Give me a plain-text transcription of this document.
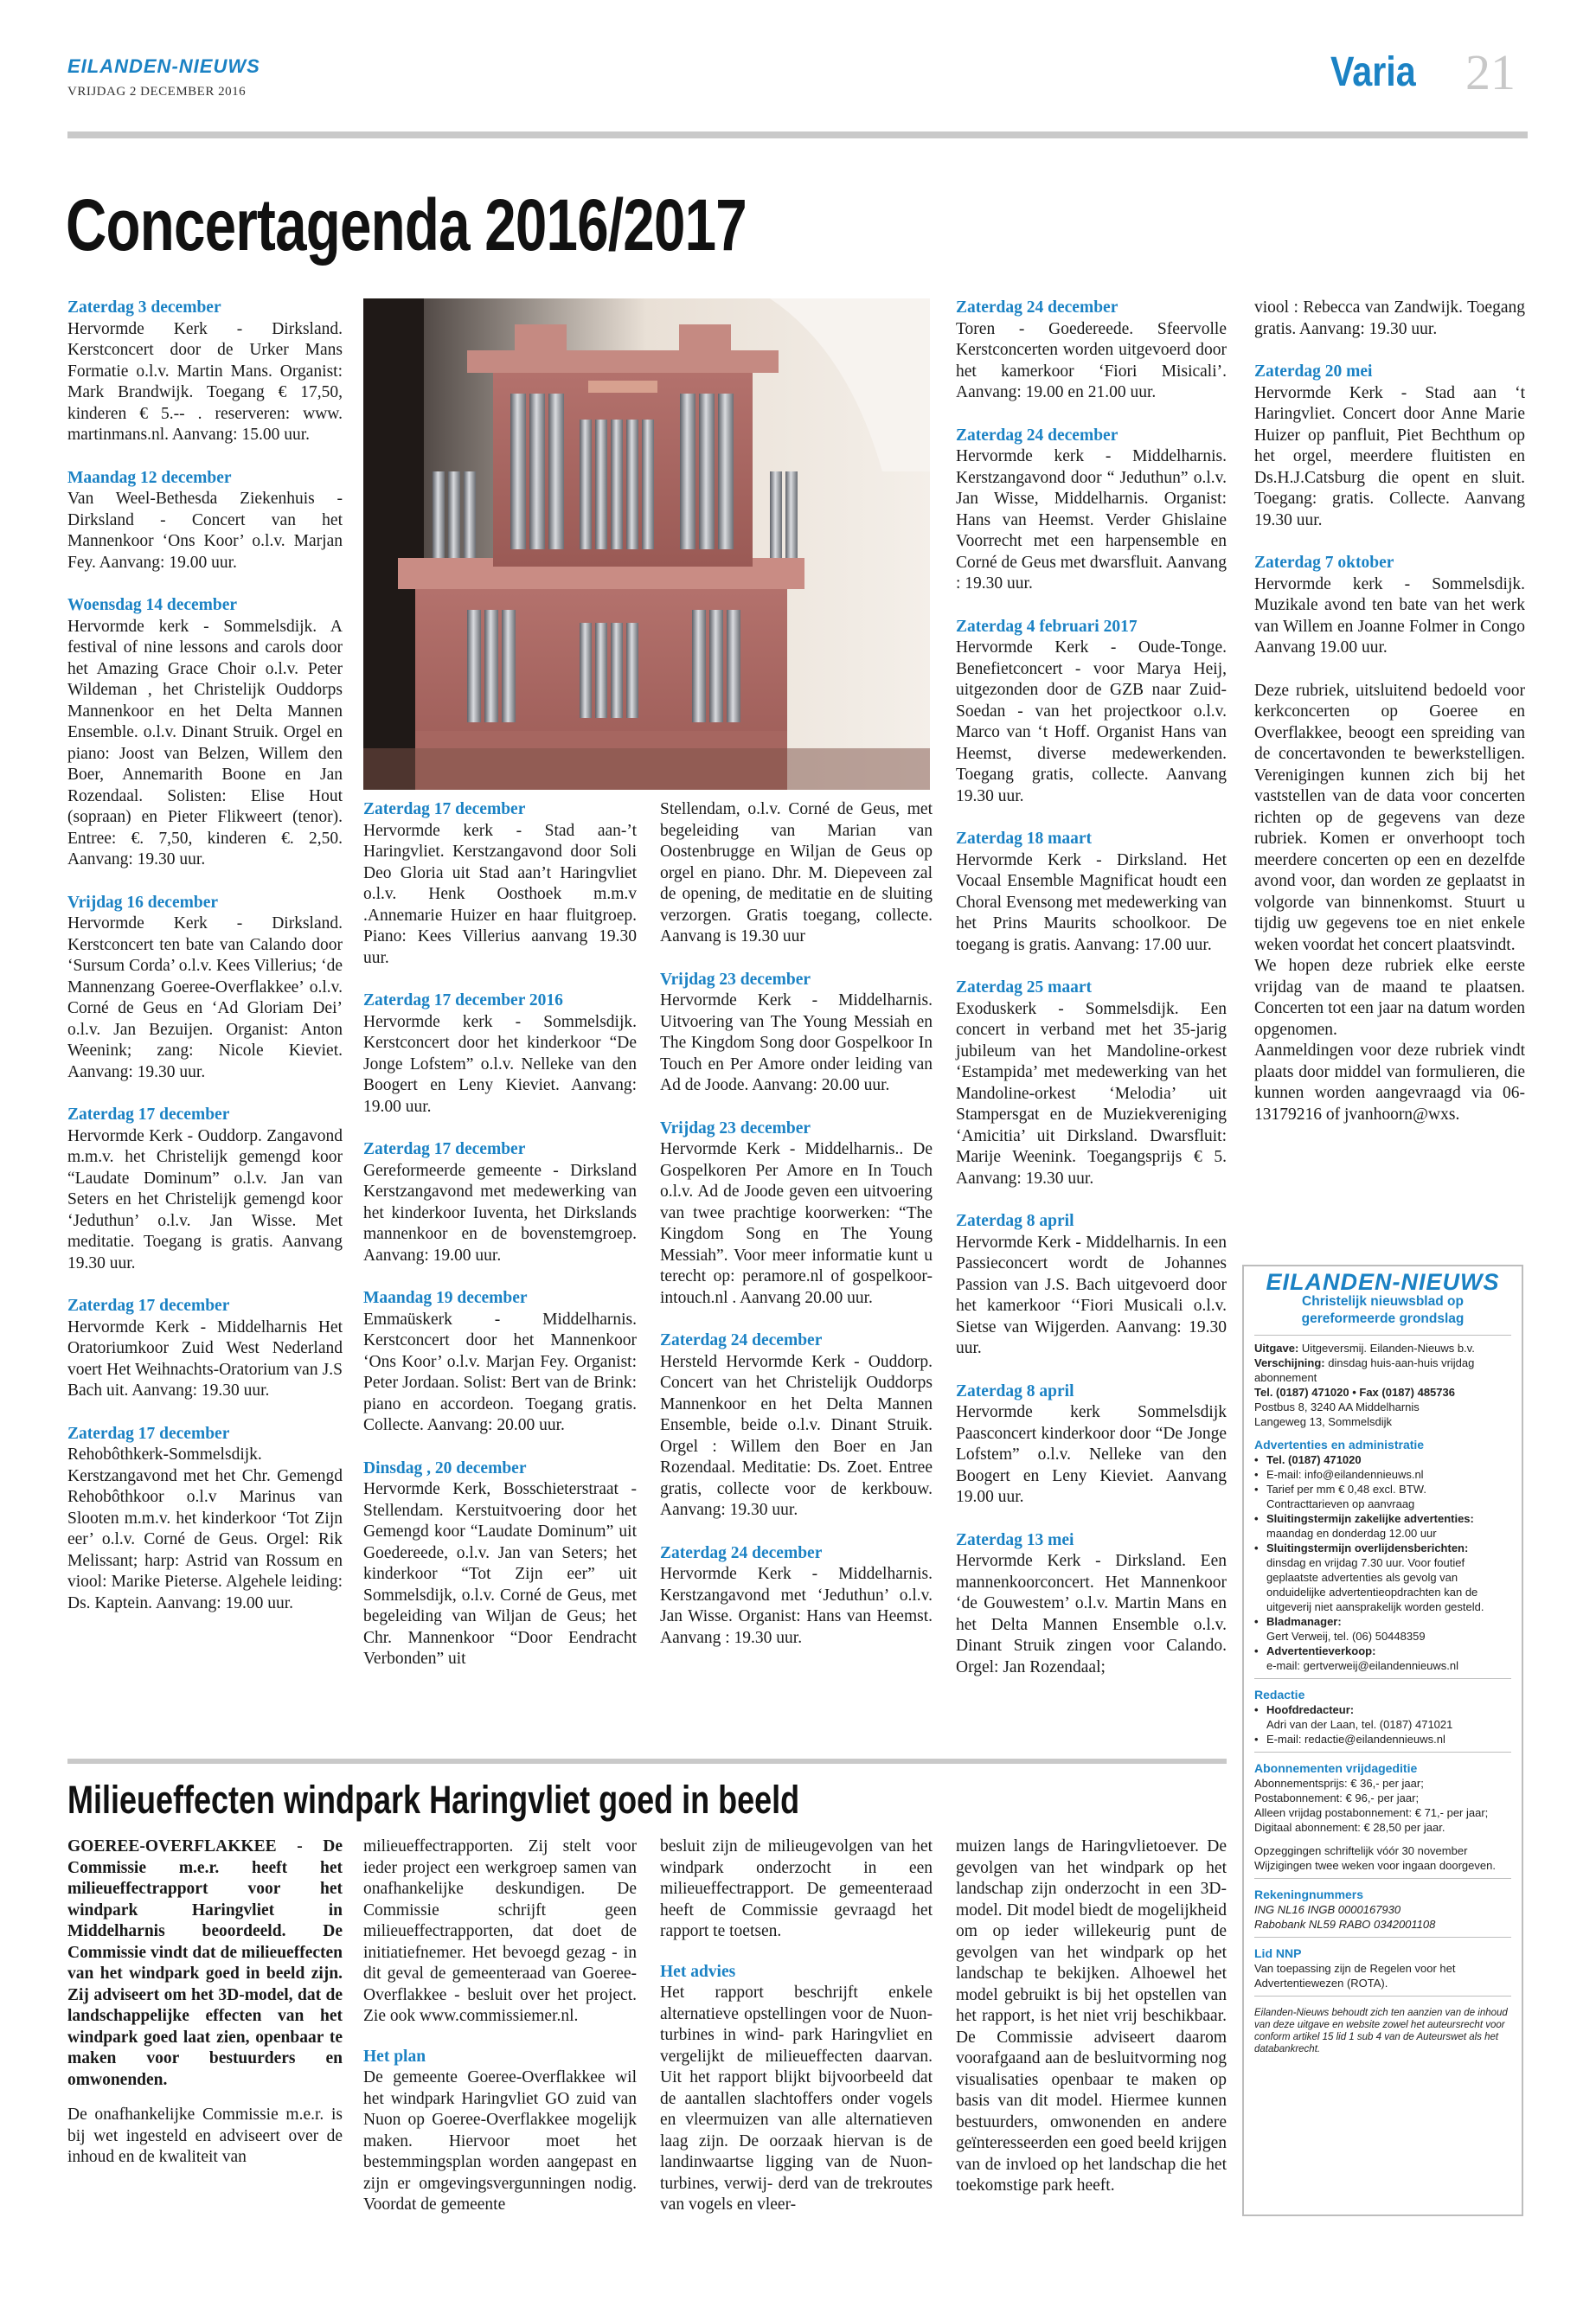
EILANDEN-NIEUWS
VRIJDAG 2 DECEMBER 2016	Varia 21
Concertagenda 2016/2017
Zaterdag 3 december
Hervormde Kerk - Dirksland. Kerstconcert door de Urker Mans Formatie o.l.v. Martin Mans. Organist: Mark Brandwijk. Toegang € 17,50, kinderen € 5.-- . reserveren: www. martinmans.nl. Aanvang: 15.00 uur.
Maandag 12 december
Van Weel-Bethesda Ziekenhuis - Dirksland - Concert van het Mannenkoor ‘Ons Koor’ o.l.v. Marjan Fey. Aanvang: 19.00 uur.
Woensdag 14 december
Hervormde kerk - Sommelsdijk. A festival of nine lessons and carols door het Amazing Grace Choir o.l.v. Peter Wildeman , het Christelijk Ouddorps Mannenkoor en het Delta Mannen Ensemble. o.l.v. Dinant Struik. Orgel en piano: Joost van Belzen, Willem den Boer, Annemarith Boone en Jan Rozendaal. Solisten: Elise Hout (sopraan) en Pieter Flikweert (tenor). Entree: €. 7,50, kinderen €. 2,50. Aanvang: 19.30 uur.
Vrijdag 16 december
Hervormde Kerk - Dirksland. Kerstconcert ten bate van Calando door ‘Sursum Corda’ o.l.v. Kees Villerius; ‘de Mannenzang Goeree-Overflakkee’ o.l.v. Corné de Geus en ‘Ad Gloriam Dei’ o.l.v. Jan Bezuijen. Organist: Anton Weenink; zang: Nicole Kieviet. Aanvang: 19.30 uur.
Zaterdag 17 december
Hervormde Kerk - Ouddorp. Zangavond m.m.v. het Christelijk gemengd koor “Laudate Dominum” o.l.v. Jan van Seters en het Christelijk gemengd koor ‘Jeduthun’ o.l.v. Jan Wisse. Met meditatie. Toegang is gratis. Aanvang 19.30 uur.
Zaterdag 17 december
Hervormde Kerk - Middelharnis Het Oratoriumkoor Zuid West Nederland voert Het Weihnachts-Oratorium van J.S Bach uit. Aanvang: 19.30 uur.
Zaterdag 17 december
Rehobôthkerk-Sommelsdijk. Kerstzangavond met het Chr. Gemengd Rehobôthkoor o.l.v Marinus van Slooten m.m.v. het kinderkoor ‘Tot Zijn eer’ o.l.v. Corné de Geus. Orgel: Rik Melissant; harp: Astrid van Rossum en viool: Marike Pieterse. Algehele leiding: Ds. Kaptein. Aanvang: 19.00 uur.
Zaterdag 17 december
Hervormde kerk - Stad aan-’t Haringvliet. Kerstzangavond door Soli Deo Gloria uit Stad aan’t Haringvliet o.l.v. Henk Oosthoek m.m.v .Annemarie Huizer en haar fluitgroep. Piano: Kees Villerius aanvang 19.30 uur.
Zaterdag 17 december 2016
Hervormde kerk - Sommelsdijk. Kerstconcert door het kinderkoor “De Jonge Lofstem” o.l.v. Nelleke van den Boogert en Leny Kieviet. Aanvang: 19.00 uur.
Zaterdag 17 december
Gereformeerde gemeente - Dirksland Kerstzangavond met medewerking van het kinderkoor Iuventa, het Dirkslands mannenkoor en de bovenstemgroep. Aanvang: 19.00 uur.
Maandag 19 december
Emmaüskerk - Middelharnis. Kerstconcert door het Mannenkoor ‘Ons Koor’ o.l.v. Marjan Fey. Organist: Peter Jordaan. Solist: Bert van de Brink: piano en accordeon. Toegang gratis. Collecte. Aanvang: 20.00 uur.
Dinsdag , 20 december
Hervormde Kerk, Bosschieterstraat - Stellendam. Kerstuitvoering door het Gemengd koor “Laudate Dominum” uit Goedereede, o.l.v. Jan van Seters; het kinderkoor “Tot Zijn eer” uit Sommelsdijk, o.l.v. Corné de Geus, met begeleiding van Wiljan de Geus; het Chr. Mannenkoor “Door Eendracht Verbonden” uit
Stellendam, o.l.v. Corné de Geus, met begeleiding van Marian van Oostenbrugge en Wiljan de Geus op orgel en piano. Dhr. M. Diepeveen zal de opening, de meditatie en de sluiting verzorgen. Gratis toegang, collecte. Aanvang is 19.30 uur
Vrijdag 23 december
Hervormde Kerk - Middelharnis. Uitvoering van The Young Messiah en The Kingdom Song door Gospelkoor In Touch en Per Amore onder leiding van Ad de Joode. Aanvang: 20.00 uur.
Vrijdag 23 december
Hervormde Kerk - Middelharnis.. De Gospelkoren Per Amore en In Touch o.l.v. Ad de Joode geven een uitvoering van twee prachtige koorwerken: “The Kingdom Song en The Young Messiah”. Voor meer informatie kunt u terecht op: peramore.nl of gospelkoor-intouch.nl . Aanvang 20.00 uur.
Zaterdag 24 december
Hersteld Hervormde Kerk - Ouddorp. Concert van het Christelijk Ouddorps Mannenkoor en het Delta Mannen Ensemble, beide o.l.v. Dinant Struik. Orgel : Willem den Boer en Jan Rozendaal. Meditatie: Ds. Zoet. Entree gratis, collecte voor de kerkbouw. Aanvang: 19.30 uur.
Zaterdag 24 december
Hervormde Kerk - Middelharnis. Kerstzangavond met ‘Jeduthun’ o.l.v. Jan Wisse. Organist: Hans van Heemst. Aanvang : 19.30 uur.
Zaterdag 24 december
Toren - Goedereede. Sfeervolle Kerstconcerten worden uitgevoerd door het kamerkoor ‘Fiori Misicali’. Aanvang: 19.00 en 21.00 uur.
Zaterdag 24 december
Hervormde kerk - Middelharnis. Kerstzangavond door “ Jeduthun” o.l.v. Jan Wisse, Middelharnis. Organist: Hans van Heemst. Verder Ghislaine Voorrecht met een harpensemble en Corné de Geus met dwarsfluit. Aanvang : 19.30 uur.
Zaterdag 4 februari 2017
Hervormde Kerk - Oude-Tonge. Benefietconcert - voor Marya Heij, uitgezonden door de GZB naar Zuid-Soedan - van het projectkoor o.l.v. Marco van ‘t Hoff. Organist Hans van Heemst, diverse medewerkenden. Toegang gratis, collecte. Aanvang 19.30 uur.
Zaterdag 18 maart
Hervormde Kerk - Dirksland. Het Vocaal Ensemble Magnificat houdt een Choral Evensong met medewerking van het Prins Maurits schoolkoor. De toegang is gratis. Aanvang: 17.00 uur.
Zaterdag 25 maart
Exoduskerk - Sommelsdijk. Een concert in verband met het 35-jarig jubileum van het Mandoline-orkest ‘Estampida’ met medewerking van het Mandoline-orkest ‘Melodia’ uit Stampersgat en de Muziekvereniging ‘Amicitia’ uit Dirksland. Dwarsfluit: Marije Weenink. Toegangsprijs € 5. Aanvang: 19.30 uur.
Zaterdag 8 april
Hervormde Kerk - Middelharnis. In een Passieconcert wordt de Johannes Passion van J.S. Bach uitgevoerd door het kamerkoor ‘‘Fiori Musicali o.l.v. Sietse van Wijgerden. Aanvang: 19.30 uur.
Zaterdag 8 april
Hervormde kerk Sommelsdijk Paasconcert kinderkoor door “De Jonge Lofstem” o.l.v. Nelleke van den Boogert en Leny Kieviet. Aanvang 19.00 uur.
Zaterdag 13 mei
Hervormde Kerk - Dirksland. Een mannenkoorconcert. Het Mannenkoor ‘de Gouwestem’ o.l.v. Martin Mans en het Delta Mannen Ensemble o.l.v. Dinant Struik zingen voor Calando. Orgel: Jan Rozendaal;
viool : Rebecca van Zandwijk. Toegang gratis. Aanvang: 19.30 uur.
Zaterdag 20 mei
Hervormde Kerk - Stad aan ‘t Haringvliet. Concert door Anne Marie Huizer op panfluit, Piet Bechthum op het orgel, meerdere fluitisten en Ds.H.J.Catsburg die opent en sluit. Toegang: gratis. Collecte. Aanvang 19.30 uur.
Zaterdag 7 oktober
Hervormde kerk - Sommelsdijk. Muzikale avond ten bate van het werk van Willem en Joanne Folmer in Congo Aanvang 19.00 uur.

Deze rubriek, uitsluitend bedoeld voor kerkconcerten op Goeree en Overflakkee, beoogt een spreiding van de concertavonden te bewerkstelligen. Verenigingen kunnen zich bij het vaststellen van de data voor concerten richten op de gegevens van deze rubriek. Komen er onverhoopt toch meerdere concerten op een en dezelfde avond voor, dan worden ze geplaatst in volgorde van binnenkomst. Stuurt u tijdig uw gegevens toe en niet enkele weken voordat het concert plaatsvindt.

We hopen deze rubriek elke eerste vrijdag van de maand te plaatsen. Concerten tot een jaar na datum worden opgenomen.

Aanmeldingen voor deze rubriek vindt plaats door middel van formulieren, die kunnen worden aangevraagd via 06-13179216 of jvanhoorn@wxs.

Milieueffecten windpark Haringvliet goed in beeld

GOEREE-OVERFLAKKEE - De Commissie m.e.r. heeft het milieueffectrapport voor het windpark Haringvliet in Middelharnis beoordeeld. De Commissie vindt dat de milieueffecten van het windpark goed in beeld zijn. Zij adviseert om het 3D-model, dat de landschappelijke effecten van het windpark goed laat zien, openbaar te maken voor bestuurders en omwonenden.

De onafhankelijke Commissie m.e.r. is bij wet ingesteld en adviseert over de inhoud en de kwaliteit van

milieueffectrapporten. Zij stelt voor ieder project een werkgroep samen van onafhankelijke deskundigen. De Commissie schrijft geen milieueffectrapporten, dat doet de initiatiefnemer. Het bevoegd gezag - in dit geval de gemeenteraad van Goeree-Overflakkee - besluit over het project. Zie ook www.commissiemer.nl.

Het plan

De gemeente Goeree-Overflakkee wil het windpark Haringvliet GO zuid van Nuon op Goeree-Overflakkee mogelijk maken. Hiervoor moet het bestemmingsplan worden aangepast en zijn er omgevingsvergunningen nodig. Voordat de gemeente

besluit zijn de milieugevolgen van het windpark onderzocht in een milieueffectrapport. De gemeenteraad heeft de Commissie gevraagd het rapport te toetsen.

Het advies

Het rapport beschrijft enkele alternatieve opstellingen voor de Nuon-turbines in wind- park Haringvliet en vergelijkt de milieueffecten daarvan. Uit het rapport blijkt bijvoorbeeld dat de aantallen slachtoffers onder vogels en vleermuizen van alle alternatieven laag zijn. De oorzaak hiervan is de landinwaartse ligging van de Nuon-turbines, verwij- derd van de trekroutes van vogels en vleer-

muizen langs de Haringvlietoever. De gevolgen van het windpark op het landschap zijn onderzocht in een 3D-model. Dit model biedt de mogelijkheid om op ieder willekeurig punt de gevolgen van het windpark op het landschap te bekijken. Alhoewel het model gebruikt is bij het opstellen van het rapport, is het niet vrij beschikbaar. De Commissie adviseert daarom voorafgaand aan de besluitvorming nog visualisaties openbaar te maken op basis van dit model. Hiermee kunnen bestuurders, omwonenden en andere geïnteresseerden een goed beeld krijgen van de invloed op het landschap die het toekomstige park heeft.

EILANDEN-NIEUWS
Christelijk nieuwsblad op gereformeerde grondslag
Uitgave: Uitgeversmij. Eilanden-Nieuws b.v.
Verschijning: dinsdag huis-aan-huis vrijdag abonnement
Tel. (0187) 471020 • Fax (0187) 485736
Postbus 8, 3240 AA Middelharnis
Langeweg 13, Sommelsdijk
Advertenties en administratie
• Tel. (0187) 471020
• E-mail: info@eilandennieuws.nl
• Tarief per mm € 0,48 excl. BTW. Contracttarieven op aanvraag
• Sluitingstermijn zakelijke advertenties:
maandag en donderdag 12.00 uur
• Sluitingstermijn overlijdensberichten:
dinsdag en vrijdag 7.30 uur. Voor foutief geplaatste advertenties als gevolg van onduidelijke advertentieopdrachten kan de uitgeverij niet aansprakelijk worden gesteld.
• Bladmanager:
Gert Verweij, tel. (06) 50448359
• Advertentieverkoop:
e-mail: gertverweij@eilandennieuws.nl
Redactie
• Hoofdredacteur:
Adri van der Laan, tel. (0187) 471021
• E-mail: redactie@eilandennieuws.nl
Abonnementen vrijdageditie
Abonnementsprijs: € 36,- per jaar;
Postabonnement: € 96,- per jaar;
Alleen vrijdag postabonnement: € 71,- per jaar;
Digitaal abonnement: € 28,50 per jaar.
Opzeggingen schriftelijk vóór 30 november Wijzigingen twee weken voor ingaan doorgeven.
Rekeningnummers
ING NL16 INGB 0000167930
Rabobank NL59 RABO 0342001108
Lid NNP
Van toepassing zijn de Regelen voor het Advertentiewezen (ROTA).
Eilanden-Nieuws behoudt zich ten aanzien van de inhoud van deze uitgave en website zowel het auteursrecht voor conform artikel 15 lid 1 sub 4 van de Auteurswet als het databankrecht.
